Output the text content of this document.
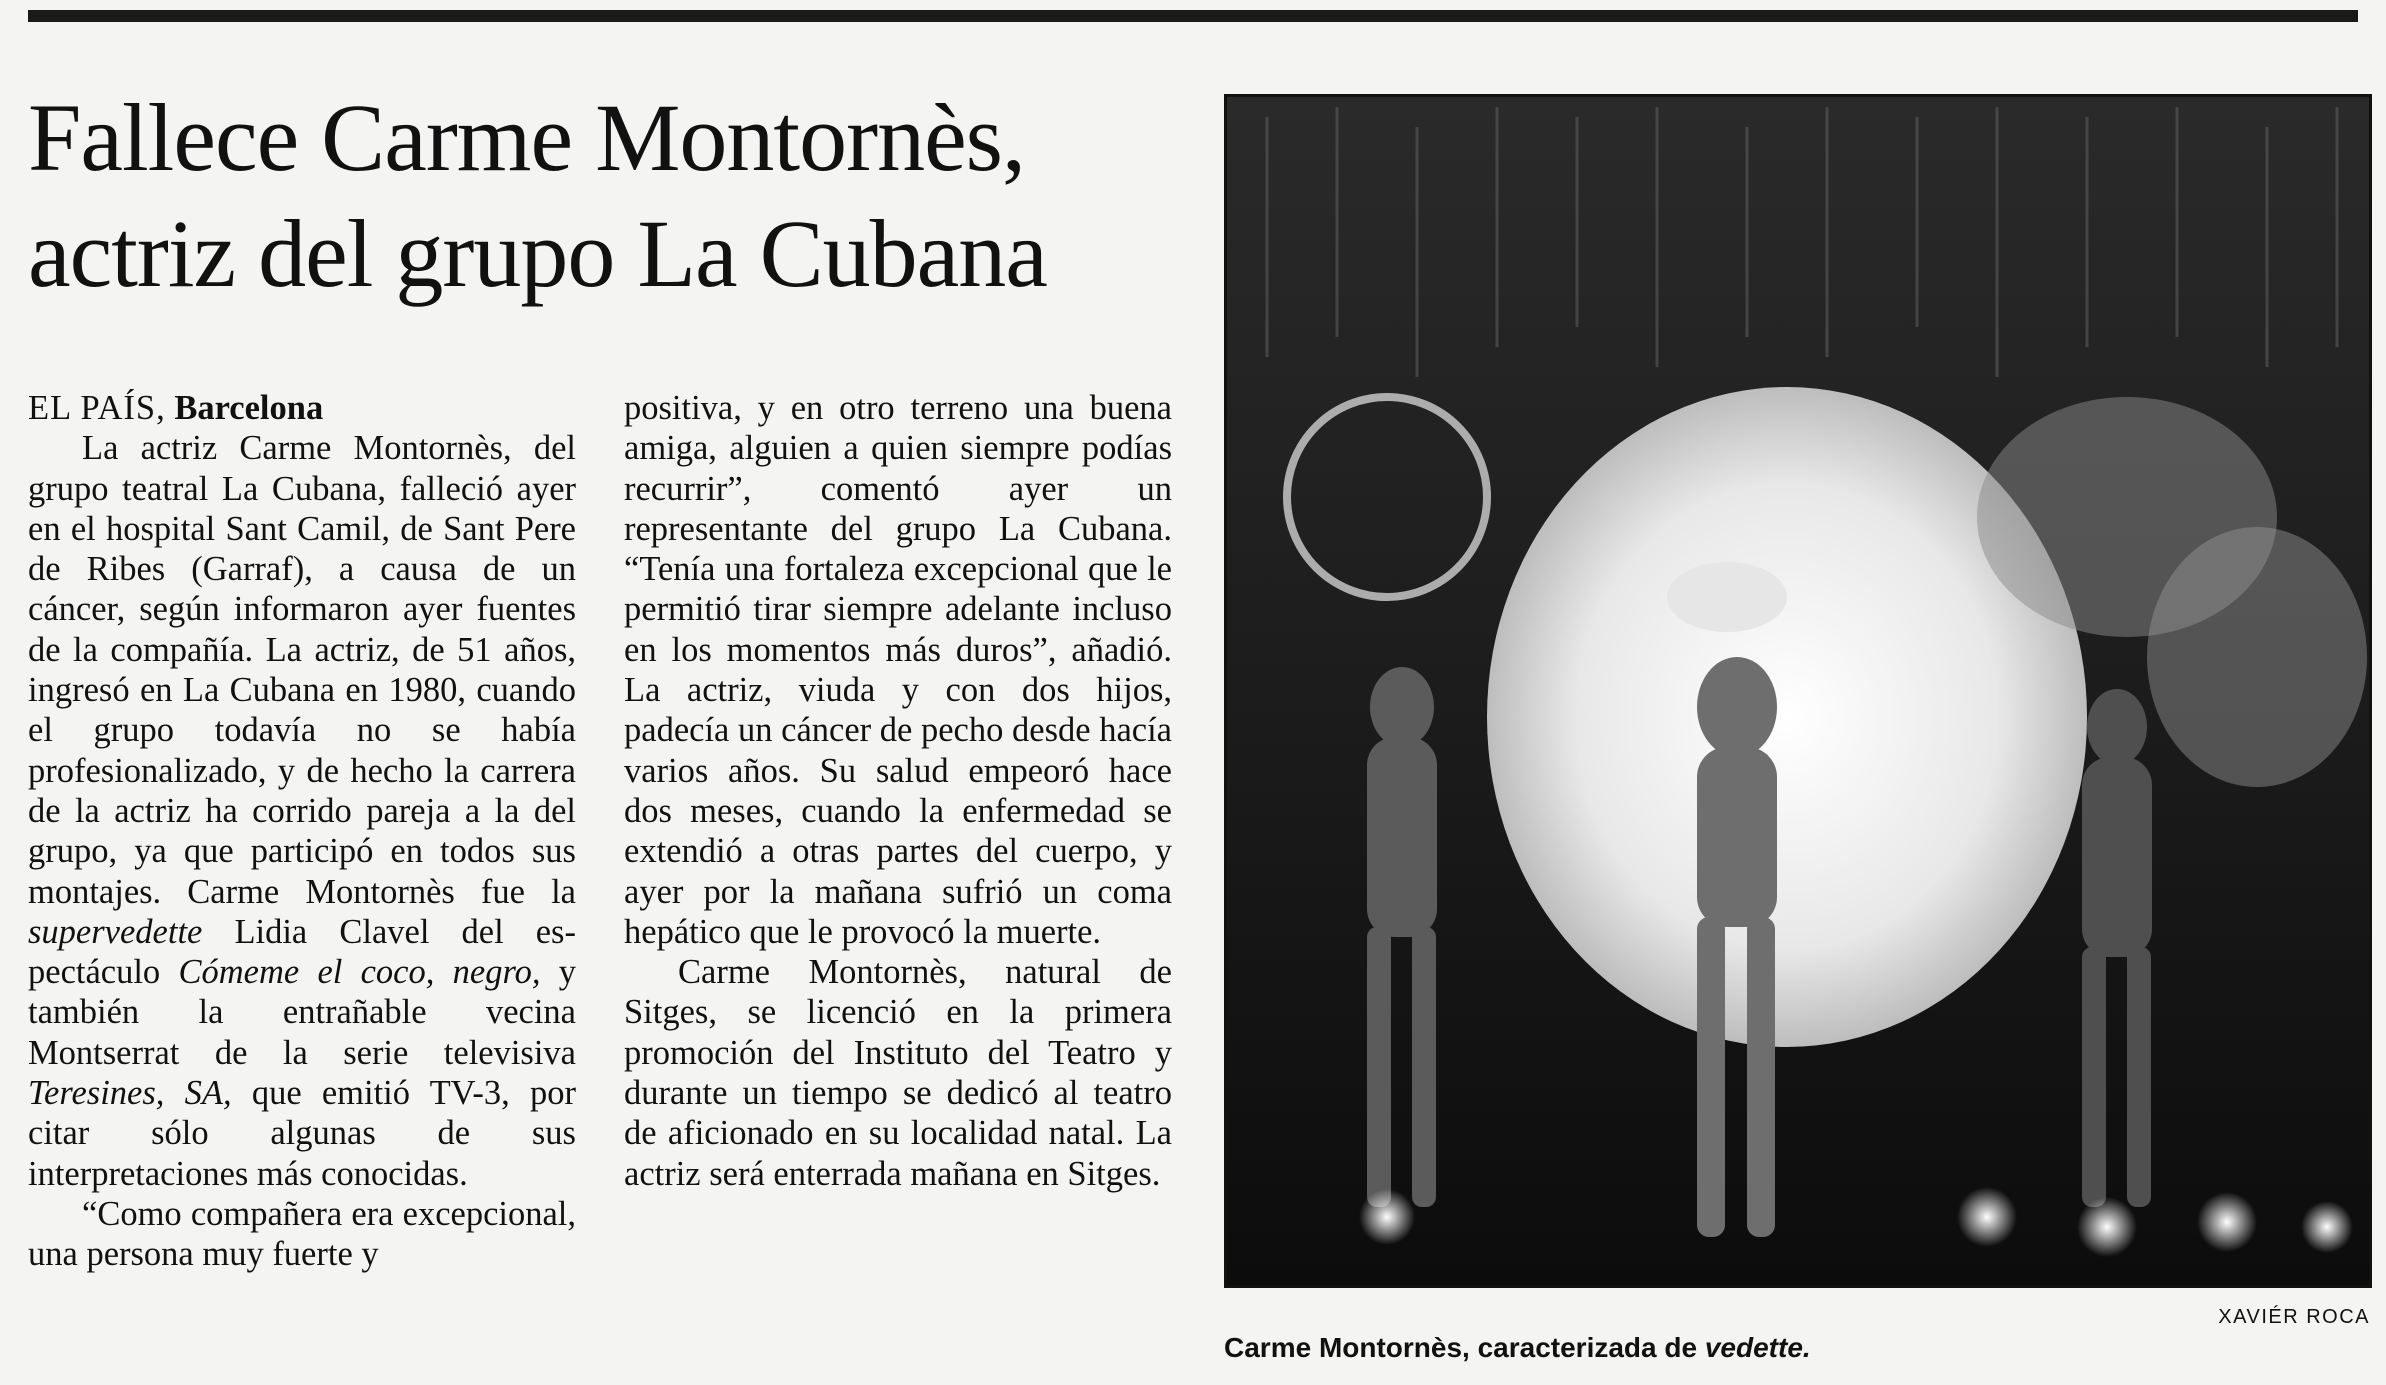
Fallece Carme Montornès,
actriz del grupo La Cubana

EL PAÍS, Barcelona

La actriz Carme Montornès, del grupo teatral La Cubana, falleció ayer en el hospital Sant Camil, de Sant Pere de Ribes (Garraf), a causa de un cáncer, según informaron ayer fuentes de la compañía. La actriz, de 51 años, ingresó en La Cubana en 1980, cuando el grupo todavía no se había profesionalizado, y de hecho la carrera de la actriz ha corrido pareja a la del grupo, ya que participó en todos sus montajes. Carme Montornès fue la supervedette Lidia Clavel del espectáculo Cómeme el coco, negro, y también la entrañable vecina Montserrat de la serie televisiva Teresines, SA, que emitió TV-3, por citar sólo algunas de sus interpretaciones más conocidas.

“Como compañera era excepcional, una persona muy fuerte y

positiva, y en otro terreno una buena amiga, alguien a quien siempre podías recurrir”, comentó ayer un representante del grupo La Cubana. “Tenía una fortaleza excepcional que le permitió tirar siempre adelante incluso en los momentos más duros”, añadió. La actriz, viuda y con dos hijos, padecía un cáncer de pecho desde hacía varios años. Su salud empeoró hace dos meses, cuando la enfermedad se extendió a otras partes del cuerpo, y ayer por la mañana sufrió un coma hepático que le provocó la muerte.

Carme Montornès, natural de Sitges, se licenció en la primera promoción del Instituto del Teatro y durante un tiempo se dedicó al teatro de aficionado en su localidad natal. La actriz será enterrada mañana en Sitges.

XAVIÉR ROCA
Carme Montornès, caracterizada de vedette.
